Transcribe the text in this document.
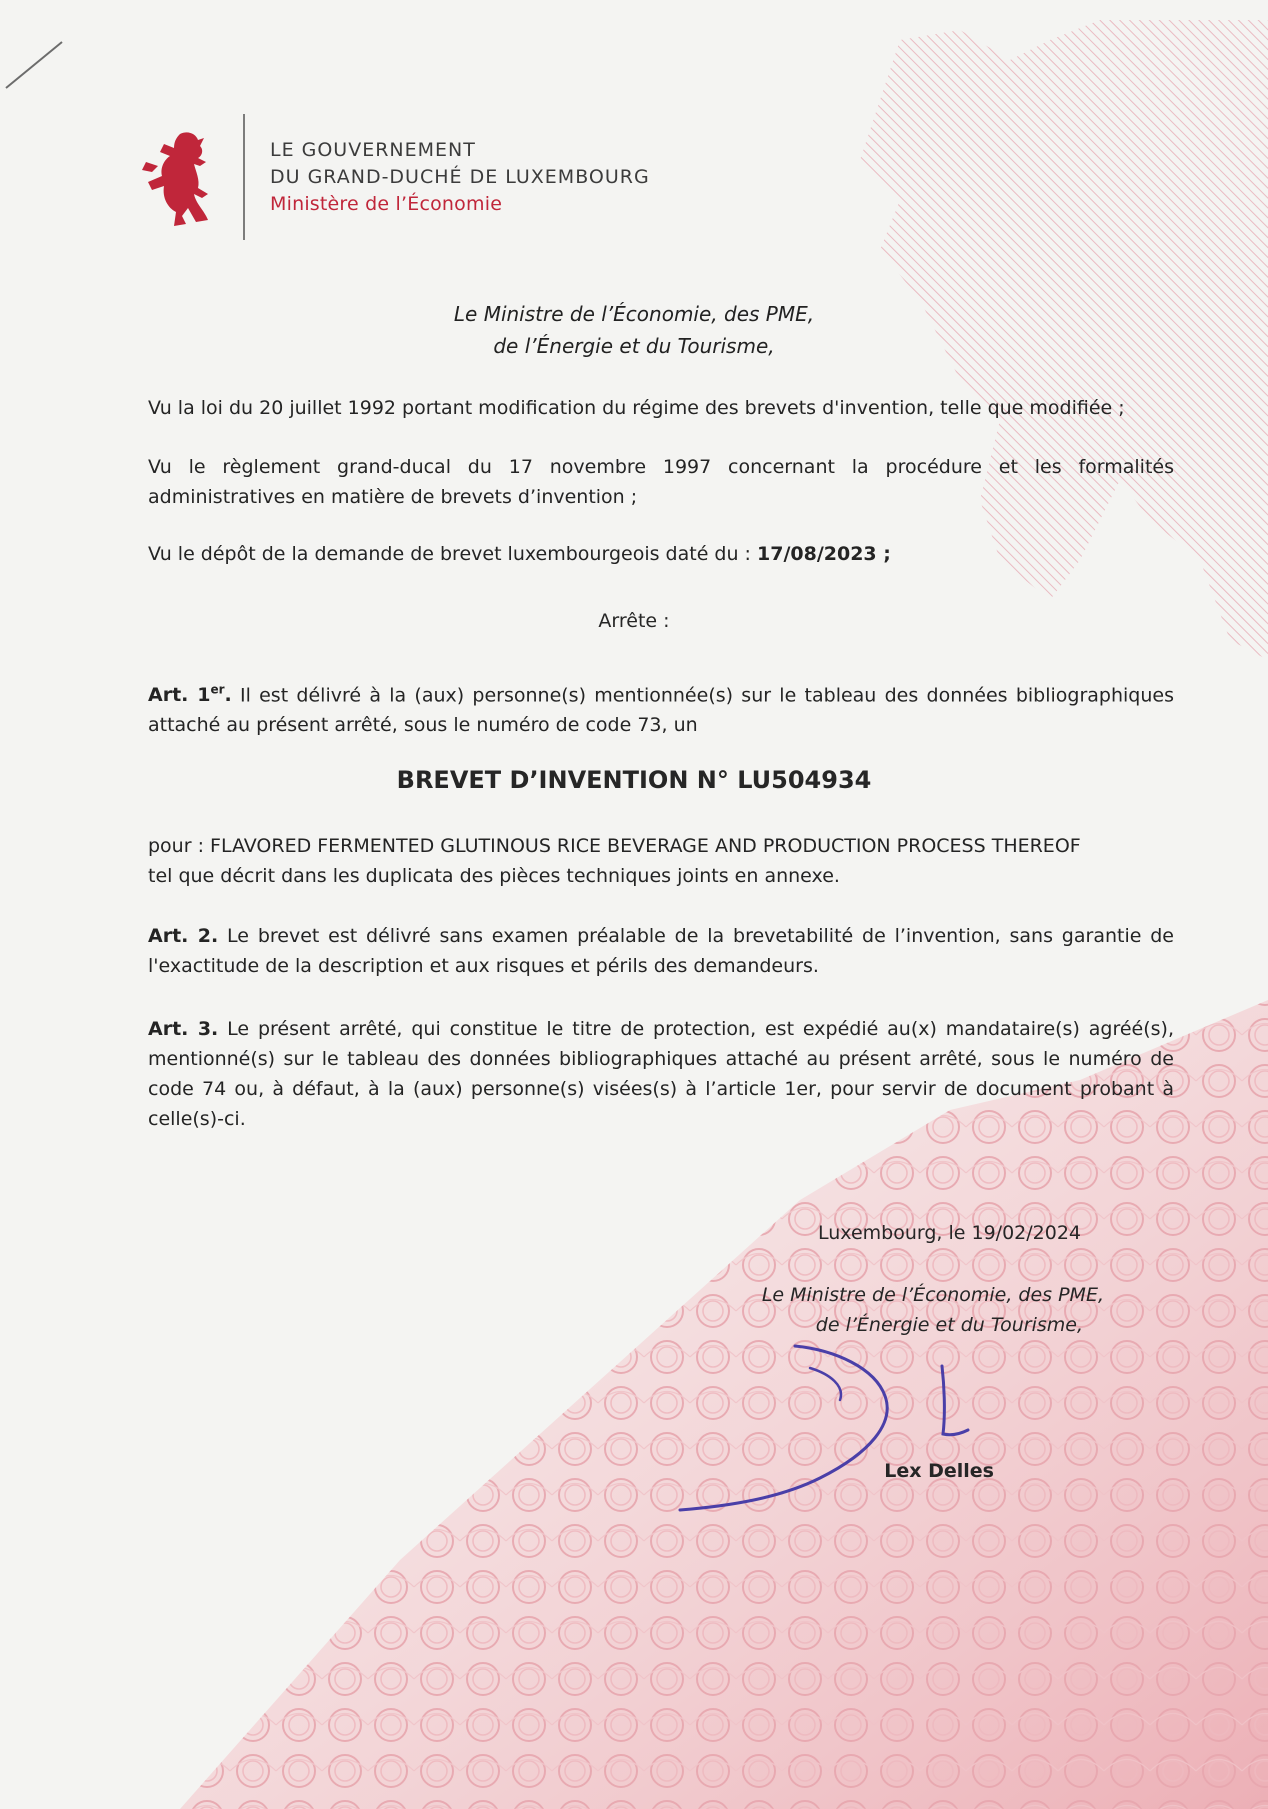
LE GOUVERNEMENT
DU GRAND-DUCHÉ DE LUXEMBOURG
Ministère de l’Économie
Le Ministre de l’Économie, des PME,
de l’Énergie et du Tourisme,
Vu la loi du 20 juillet 1992 portant modification du régime des brevets d'invention, telle que modifiée ;
Vu le règlement grand-ducal du 17 novembre 1997 concernant la procédure et les formalités administratives en matière de brevets d’invention ;
Vu le dépôt de la demande de brevet luxembourgeois daté du : 17/08/2023 ;
Arrête :
Art. 1er. Il est délivré à la (aux) personne(s) mentionnée(s) sur le tableau des données bibliographiques attaché au présent arrêté, sous le numéro de code 73, un
BREVET D’INVENTION N° LU504934
pour : FLAVORED FERMENTED GLUTINOUS RICE BEVERAGE AND PRODUCTION PROCESS THEREOF
tel que décrit dans les duplicata des pièces techniques joints en annexe.
Art. 2. Le brevet est délivré sans examen préalable de la brevetabilité de l’invention, sans garantie de l'exactitude de la description et aux risques et périls des demandeurs.
Art. 3. Le présent arrêté, qui constitue le titre de protection, est expédié au(x) mandataire(s) agréé(s), mentionné(s) sur le tableau des données bibliographiques attaché au présent arrêté, sous le numéro de code 74 ou, à défaut, à la (aux) personne(s) visées(s) à l’article 1er, pour servir de document probant à celle(s)-ci.
Luxembourg, le 19/02/2024
Le Ministre de l’Économie, des PME,
de l’Énergie et du Tourisme,
Lex Delles
